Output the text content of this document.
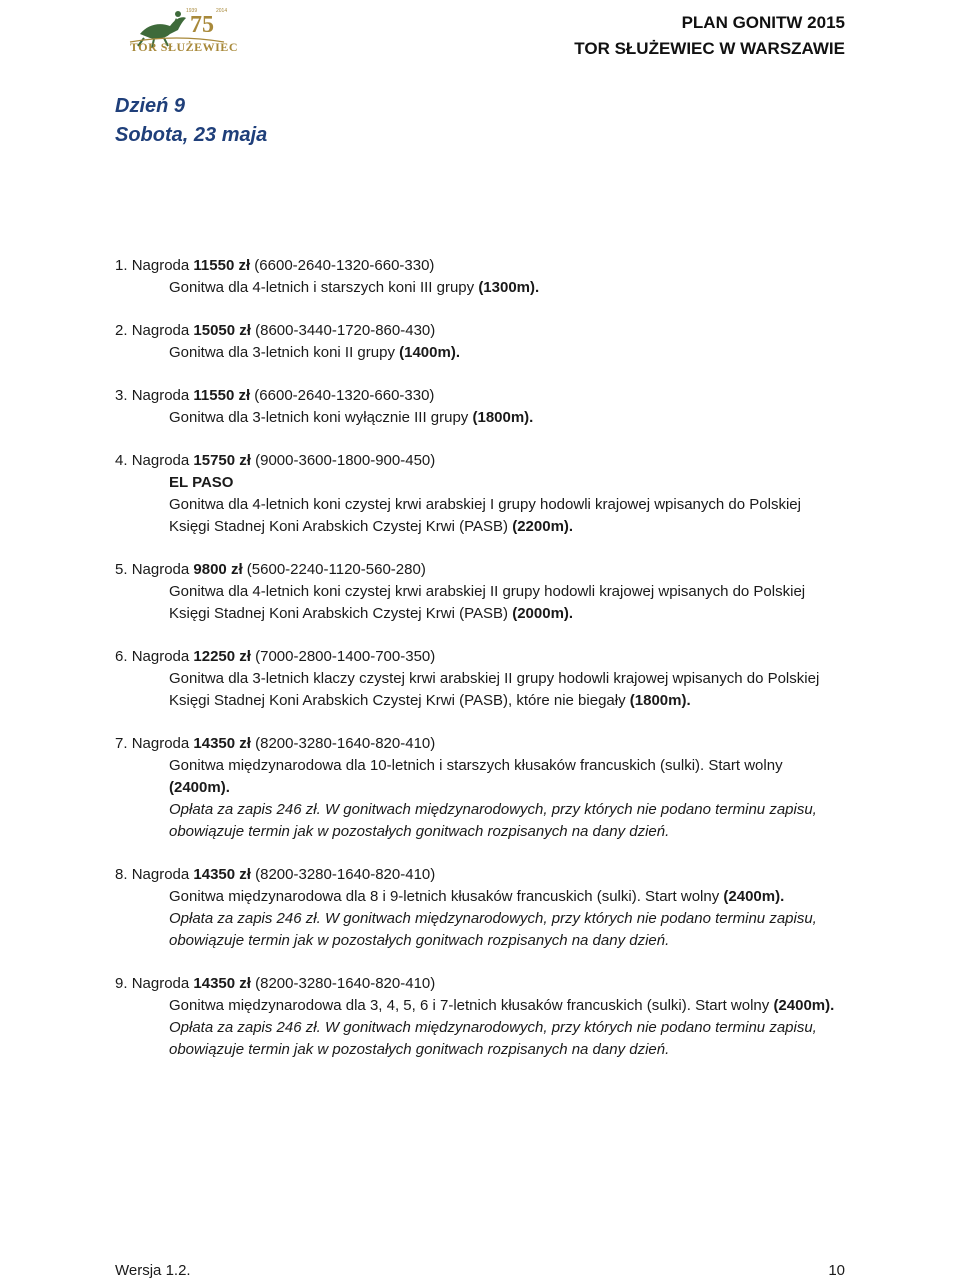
75
1939	2014
TOR SŁUŻEWIEC
PLAN GONITW 2015
TOR SŁUŻEWIEC W WARSZAWIE
Dzień 9
Sobota, 23 maja
1. Nagroda 11550 zł (6600-2640-1320-660-330)
Gonitwa dla 4-letnich i starszych koni III grupy (1300m).
2. Nagroda 15050 zł (8600-3440-1720-860-430)
Gonitwa dla 3-letnich koni II grupy (1400m).
3. Nagroda 11550 zł (6600-2640-1320-660-330)
Gonitwa dla 3-letnich koni wyłącznie III grupy (1800m).
4. Nagroda 15750 zł (9000-3600-1800-900-450)
EL PASO
Gonitwa dla 4-letnich koni czystej krwi arabskiej I grupy hodowli krajowej wpisanych do Polskiej Księgi Stadnej Koni Arabskich Czystej Krwi (PASB) (2200m).
5. Nagroda 9800 zł (5600-2240-1120-560-280)
Gonitwa dla 4-letnich koni czystej krwi arabskiej II grupy hodowli krajowej wpisanych do Polskiej Księgi Stadnej Koni Arabskich Czystej Krwi (PASB) (2000m).
6. Nagroda 12250 zł (7000-2800-1400-700-350)
Gonitwa dla 3-letnich klaczy czystej krwi arabskiej II grupy hodowli krajowej wpisanych do Polskiej Księgi Stadnej Koni Arabskich Czystej Krwi (PASB), które nie biegały (1800m).
7. Nagroda 14350 zł (8200-3280-1640-820-410)
Gonitwa międzynarodowa dla 10-letnich i starszych kłusaków francuskich (sulki). Start wolny (2400m).
Opłata za zapis 246 zł. W gonitwach międzynarodowych, przy których nie podano terminu zapisu, obowiązuje termin jak w pozostałych gonitwach rozpisanych na dany dzień.
8. Nagroda 14350 zł (8200-3280-1640-820-410)
Gonitwa międzynarodowa dla 8 i 9-letnich kłusaków francuskich (sulki). Start wolny (2400m).
Opłata za zapis 246 zł. W gonitwach międzynarodowych, przy których nie podano terminu zapisu, obowiązuje termin jak w pozostałych gonitwach rozpisanych na dany dzień.
9. Nagroda 14350 zł (8200-3280-1640-820-410)
Gonitwa międzynarodowa dla 3, 4, 5, 6 i 7-letnich kłusaków francuskich (sulki). Start wolny (2400m).
Opłata za zapis 246 zł. W gonitwach międzynarodowych, przy których nie podano terminu zapisu, obowiązuje termin jak w pozostałych gonitwach rozpisanych na dany dzień.
Wersja 1.2.	10
